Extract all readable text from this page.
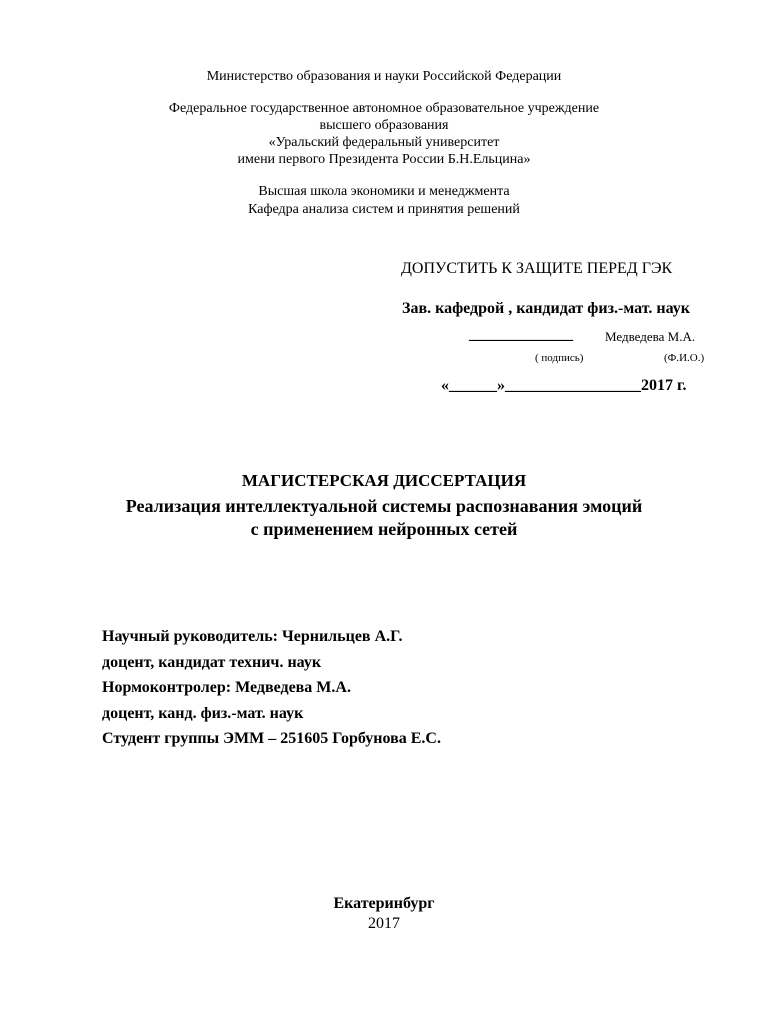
Министерство образования и науки Российской Федерации
Федеральное государственное автономное образовательное учреждение
высшего образования
«Уральский федеральный университет
имени первого Президента России Б.Н.Ельцина»
Высшая школа экономики и менеджмента
Кафедра анализа систем и принятия решений
ДОПУСТИТЬ К ЗАЩИТЕ ПЕРЕД ГЭК
Зав. кафедрой , кандидат физ.-мат. наук
_____________ Медведева М.А.
( подпись)	(Ф.И.О.)
«______»_________________2017 г.
МАГИСТЕРСКАЯ ДИССЕРТАЦИЯ
Реализация интеллектуальной системы распознавания эмоций
с применением нейронных сетей
Научный руководитель: Чернильцев А.Г.
доцент, кандидат технич. наук
Нормоконтролер: Медведева М.А.
доцент, канд. физ.-мат. наук
Студент группы ЭММ – 251605 Горбунова Е.С.
Екатеринбург
2017
